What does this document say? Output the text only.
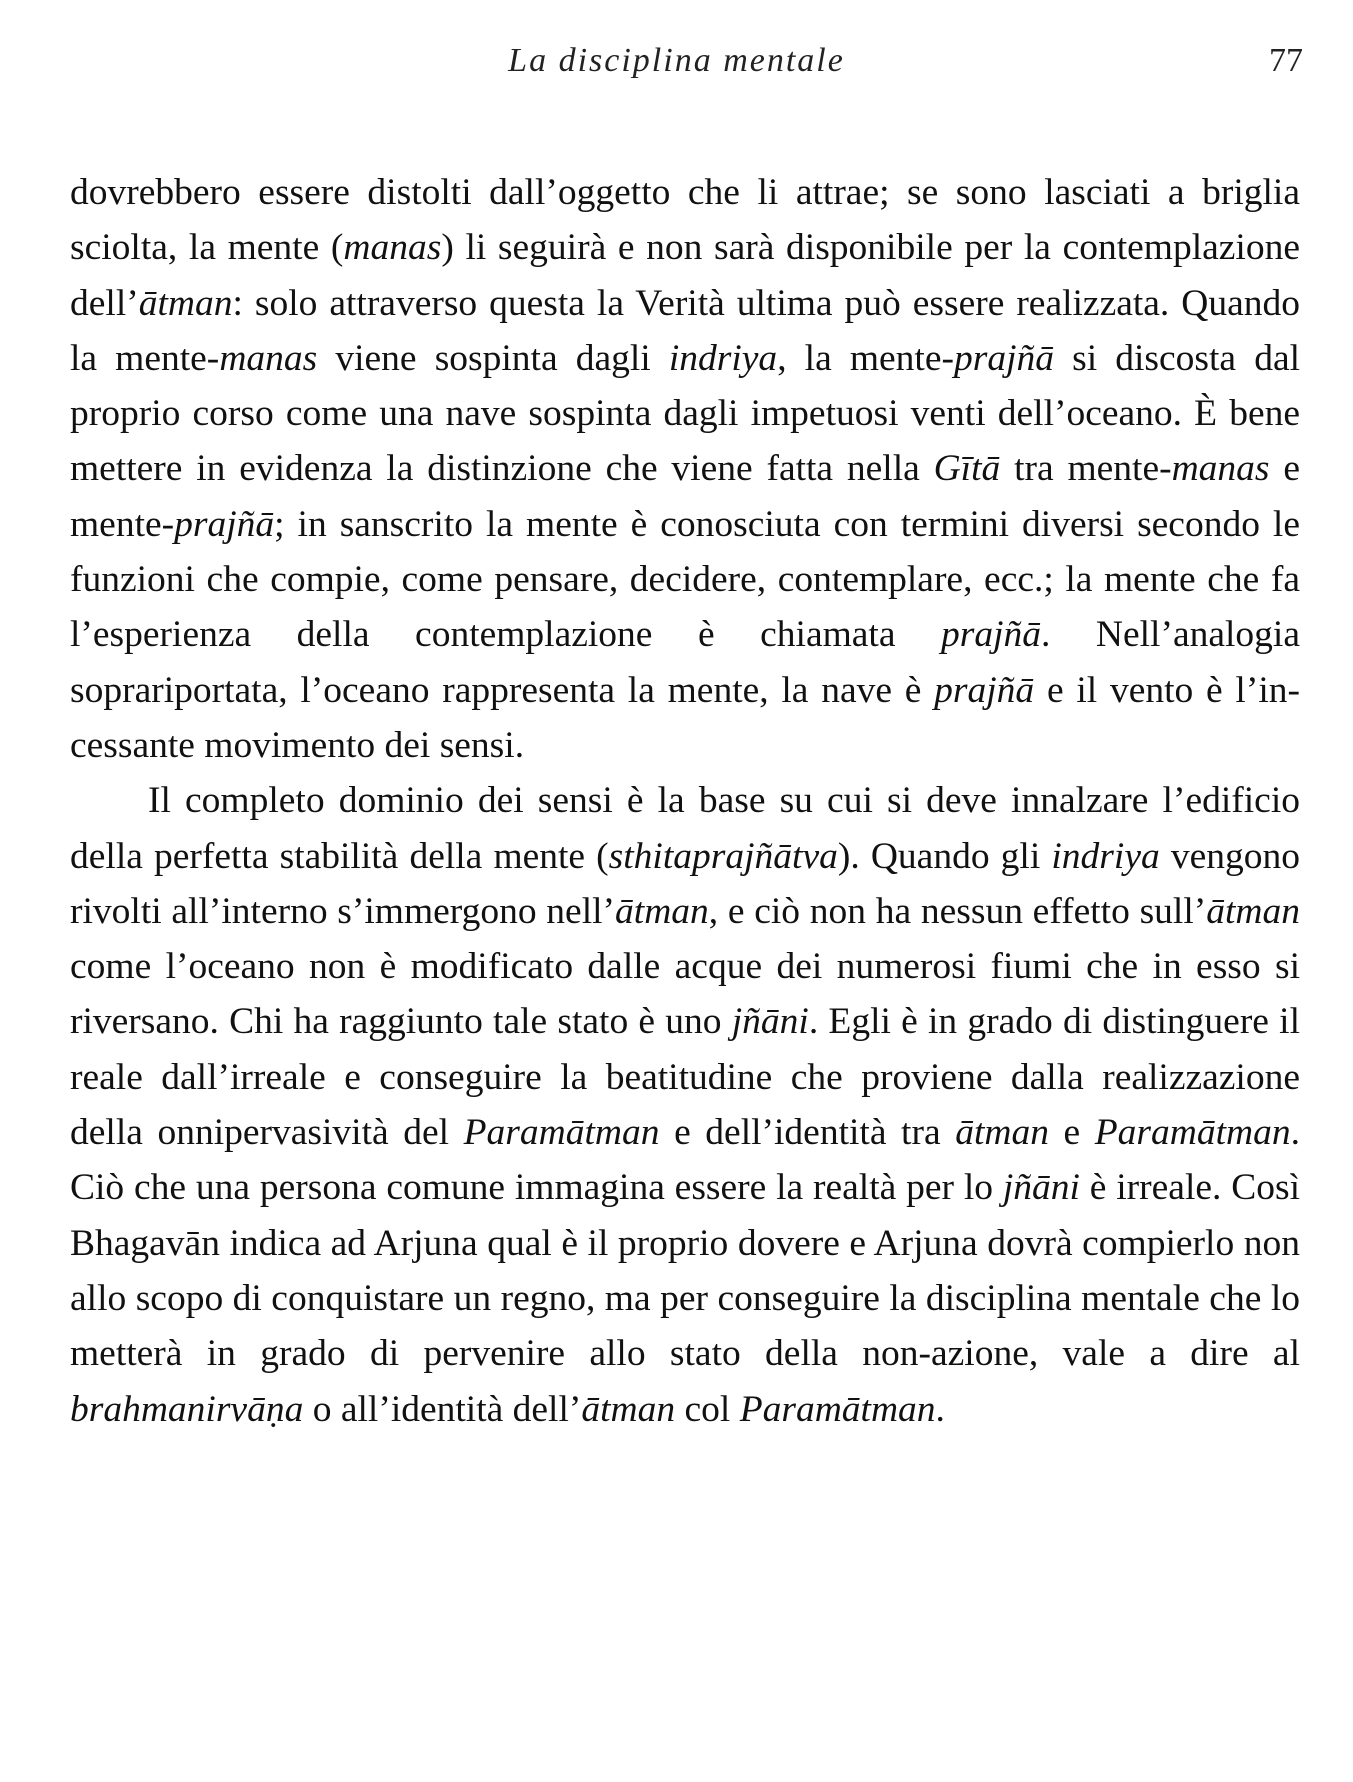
La disciplina mentale	77

dovrebbero essere distolti dall’oggetto che li attrae; se sono lasciati a briglia sciolta, la mente (manas) li seguirà e non sarà disponibile per la contemplazione dell’ātman: solo attraverso questa la Verità ultima può essere realizzata. Quando la mente-manas viene sospinta dagli indriya, la mente-prajñā si discosta dal proprio corso come una nave sospinta dagli impetuosi venti dell’oceano. È bene mettere in evidenza la distinzione che viene fatta nella Gītā tra mente-manas e mente-prajñā; in sanscrito la mente è conosciuta con termini diversi secondo le funzioni che compie, come pensare, decidere, contemplare, ecc.; la mente che fa l’esperienza della contemplazione è chiamata prajñā. Nell’analogia soprariportata, l’oceano rappresenta la mente, la nave è prajñā e il vento è l’incessante movimento dei sensi.

Il completo dominio dei sensi è la base su cui si deve innalzare l’edificio della perfetta stabilità della mente (sthitaprajñātva). Quando gli indriya vengono rivolti all’interno s’immergono nell’ātman, e ciò non ha nessun effetto sull’ātman come l’oceano non è modificato dalle acque dei numerosi fiumi che in esso si riversano. Chi ha raggiunto tale stato è uno jñāni. Egli è in grado di distinguere il reale dall’irreale e conseguire la beatitudine che proviene dalla realizzazione della onnipervasività del Paramātman e dell’identità tra ātman e Paramātman. Ciò che una persona comune immagina essere la realtà per lo jñāni è irreale. Così Bhagavān indica ad Arjuna qual è il proprio dovere e Arjuna dovrà compierlo non allo scopo di conquistare un regno, ma per conseguire la disciplina mentale che lo metterà in grado di pervenire allo stato della non-azione, vale a dire al brahmanirvāṇa o all’identità dell’ātman col Paramātman.
